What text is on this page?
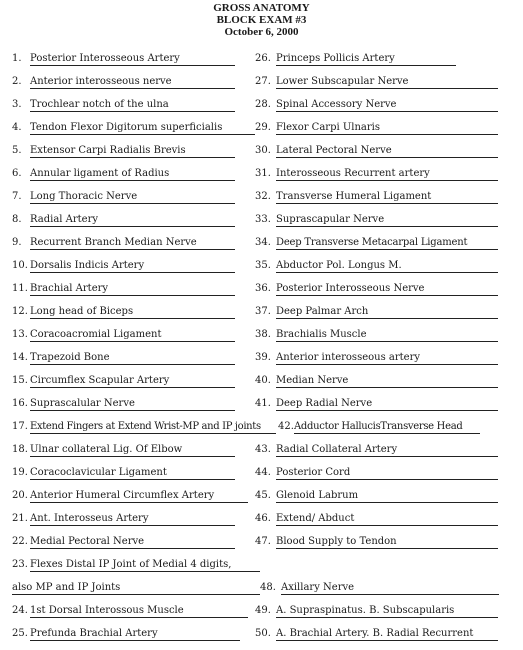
GROSS ANATOMY
BLOCK EXAM #3
October 6, 2000
1. Posterior Interosseous Artery
2. Anterior interosseous nerve
3. Trochlear notch of the ulna
4. Tendon Flexor Digitorum superficialis
5. Extensor Carpi Radialis Brevis
6. Annular ligament of Radius
7. Long Thoracic Nerve
8. Radial Artery
9. Recurrent Branch Median Nerve
10. Dorsalis Indicis Artery
11. Brachial Artery
12. Long head of Biceps
13. Coracoacromial Ligament
14. Trapezoid Bone
15. Circumflex Scapular Artery
16. Suprascalular Nerve
17. Extend Fingers at Extend Wrist-MP and IP joints
18. Ulnar collateral Lig. Of Elbow
19. Coracoclavicular Ligament
20. Anterior Humeral Circumflex Artery
21. Ant. Interosseus Artery
22. Medial Pectoral Nerve
23. Flexes Distal IP Joint of Medial 4 digits,
also MP and IP Joints
24. 1st Dorsal Interossous Muscle
25. Prefunda Brachial Artery
26. Princeps Pollicis Artery
27. Lower Subscapular Nerve
28. Spinal Accessory Nerve
29. Flexor Carpi Ulnaris
30. Lateral Pectoral Nerve
31. Interosseous Recurrent artery
32. Transverse Humeral Ligament
33. Suprascapular Nerve
34. Deep Transverse Metacarpal Ligament
35. Abductor Pol. Longus M.
36. Posterior Interosseous Nerve
37. Deep Palmar Arch
38. Brachialis Muscle
39. Anterior interosseous artery
40. Median Nerve
41. Deep Radial Nerve
42.Adductor HallucisTransverse Head
43. Radial Collateral Artery
44. Posterior Cord
45. Glenoid Labrum
46. Extend/ Abduct
47. Blood Supply to Tendon
48. Axillary Nerve
49. A. Supraspinatus. B. Subscapularis
50. A. Brachial Artery. B. Radial Recurrent
